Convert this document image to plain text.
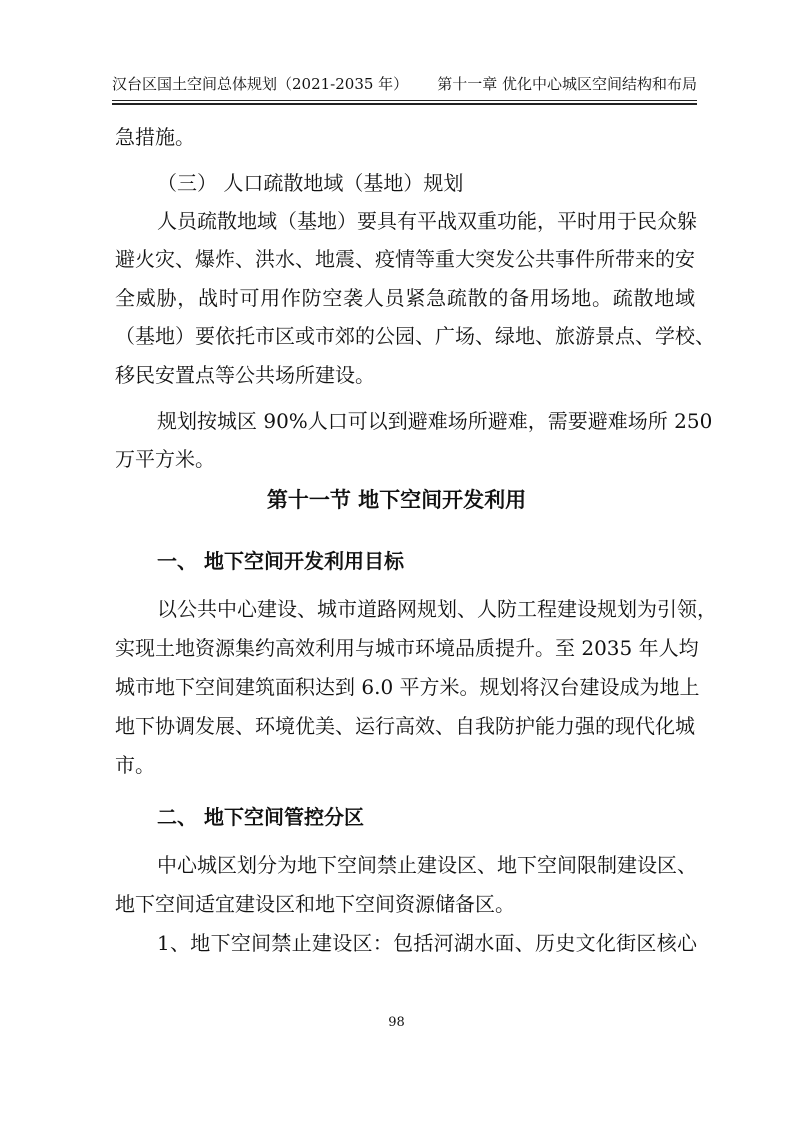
汉台区国土空间总体规划（2021-2035 年） 第十一章 优化中心城区空间结构和布局
急措施。
（三） 人口疏散地域（基地）规划
人员疏散地域（基地）要具有平战双重功能，平时用于民众躲
避火灾、爆炸、洪水、地震、疫情等重大突发公共事件所带来的安
全威胁，战时可用作防空袭人员紧急疏散的备用场地。疏散地域
（基地）要依托市区或市郊的公园、广场、绿地、旅游景点、学校、
移民安置点等公共场所建设。
规划按城区 90%人口可以到避难场所避难，需要避难场所 250
万平方米。
第十一节 地下空间开发利用
一、 地下空间开发利用目标
以公共中心建设、城市道路网规划、人防工程建设规划为引领，
实现土地资源集约高效利用与城市环境品质提升。至 2035 年人均
城市地下空间建筑面积达到 6.0 平方米。规划将汉台建设成为地上
地下协调发展、环境优美、运行高效、自我防护能力强的现代化城
市。
二、 地下空间管控分区
中心城区划分为地下空间禁止建设区、地下空间限制建设区、
地下空间适宜建设区和地下空间资源储备区。
1、地下空间禁止建设区：包括河湖水面、历史文化街区核心
98
